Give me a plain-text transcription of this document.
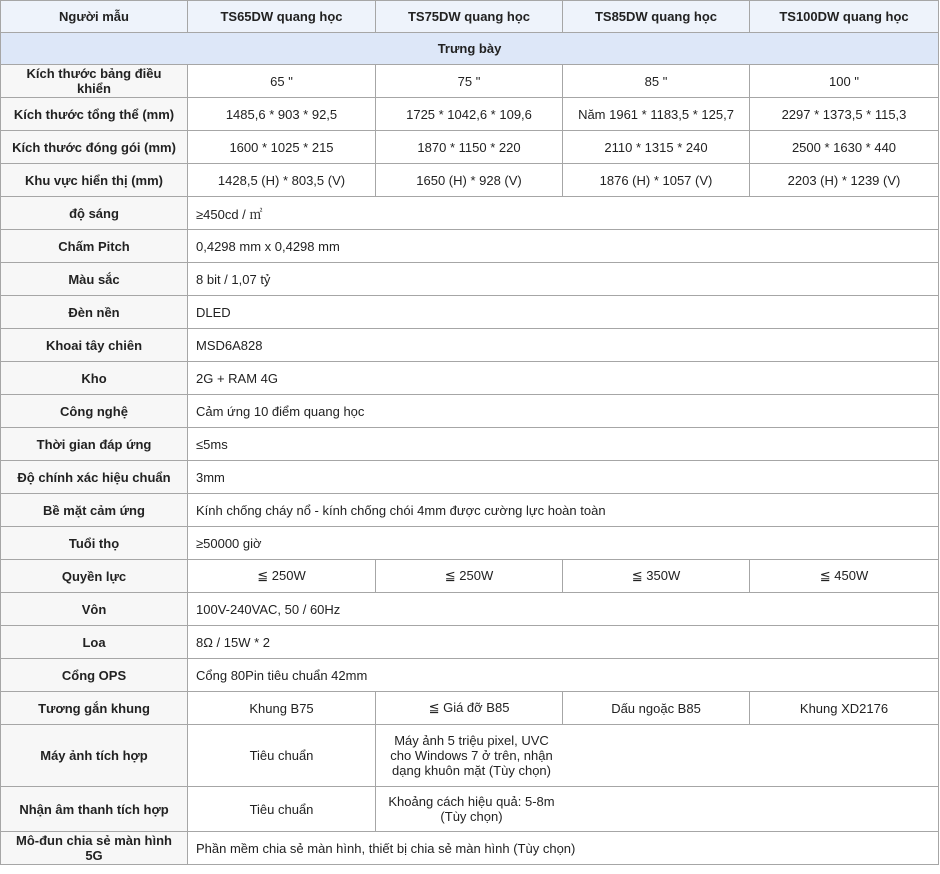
Người mẫu	TS65DW quang học	TS75DW quang học	TS85DW quang học	TS100DW quang học
Trưng bày				
Kích thước bảng điều khiển	65 "	75 "	85 "	100 "
Kích thước tổng thể (mm)	1485,6 * 903 * 92,5	1725 * 1042,6 * 109,6	Năm 1961 * 1183,5 * 125,7	2297 * 1373,5 * 115,3
Kích thước đóng gói (mm)	1600 * 1025 * 215	1870 * 1150 * 220	2110 * 1315 * 240	2500 * 1630 * 440
Khu vực hiển thị (mm)	1428,5 (H) * 803,5 (V)	1650 (H) * 928 (V)	1876 (H) * 1057 (V)	2203 (H) * 1239 (V)
độ sáng	≥450cd / ㎡			
Chấm Pitch	0,4298 mm x 0,4298 mm			
Màu sắc	8 bit / 1,07 tỷ			
Đèn nền	DLED			
Khoai tây chiên	MSD6A828			
Kho	2G + RAM 4G			
Công nghệ	Cảm ứng 10 điểm quang học			
Thời gian đáp ứng	≤5ms			
Độ chính xác hiệu chuẩn	3mm			
Bề mặt cảm ứng	Kính chống cháy nổ - kính chống chói 4mm được cường lực hoàn toàn			
Tuổi thọ	≥50000 giờ			
Quyền lực	≦ 250W	≦ 250W	≦ 350W	≦ 450W
Vôn	100V-240VAC, 50 / 60Hz			
Loa	8Ω / 15W * 2			
Cổng OPS	Cổng 80Pin tiêu chuẩn 42mm			
Tương gắn khung	Khung B75	≦ Giá đỡ B85	Dấu ngoặc B85	Khung XD2176
Máy ảnh tích hợp	Tiêu chuẩn	Máy ảnh 5 triệu pixel, UVC cho Windows 7 ở trên, nhận dạng khuôn mặt (Tùy chọn)		

Nhận âm thanh tích hợp	Tiêu chuẩn	Khoảng cách hiệu quả: 5-8m (Tùy chọn)		

Mô-đun chia sẻ màn hình 5G	Phần mềm chia sẻ màn hình, thiết bị chia sẻ màn hình (Tùy chọn)			
